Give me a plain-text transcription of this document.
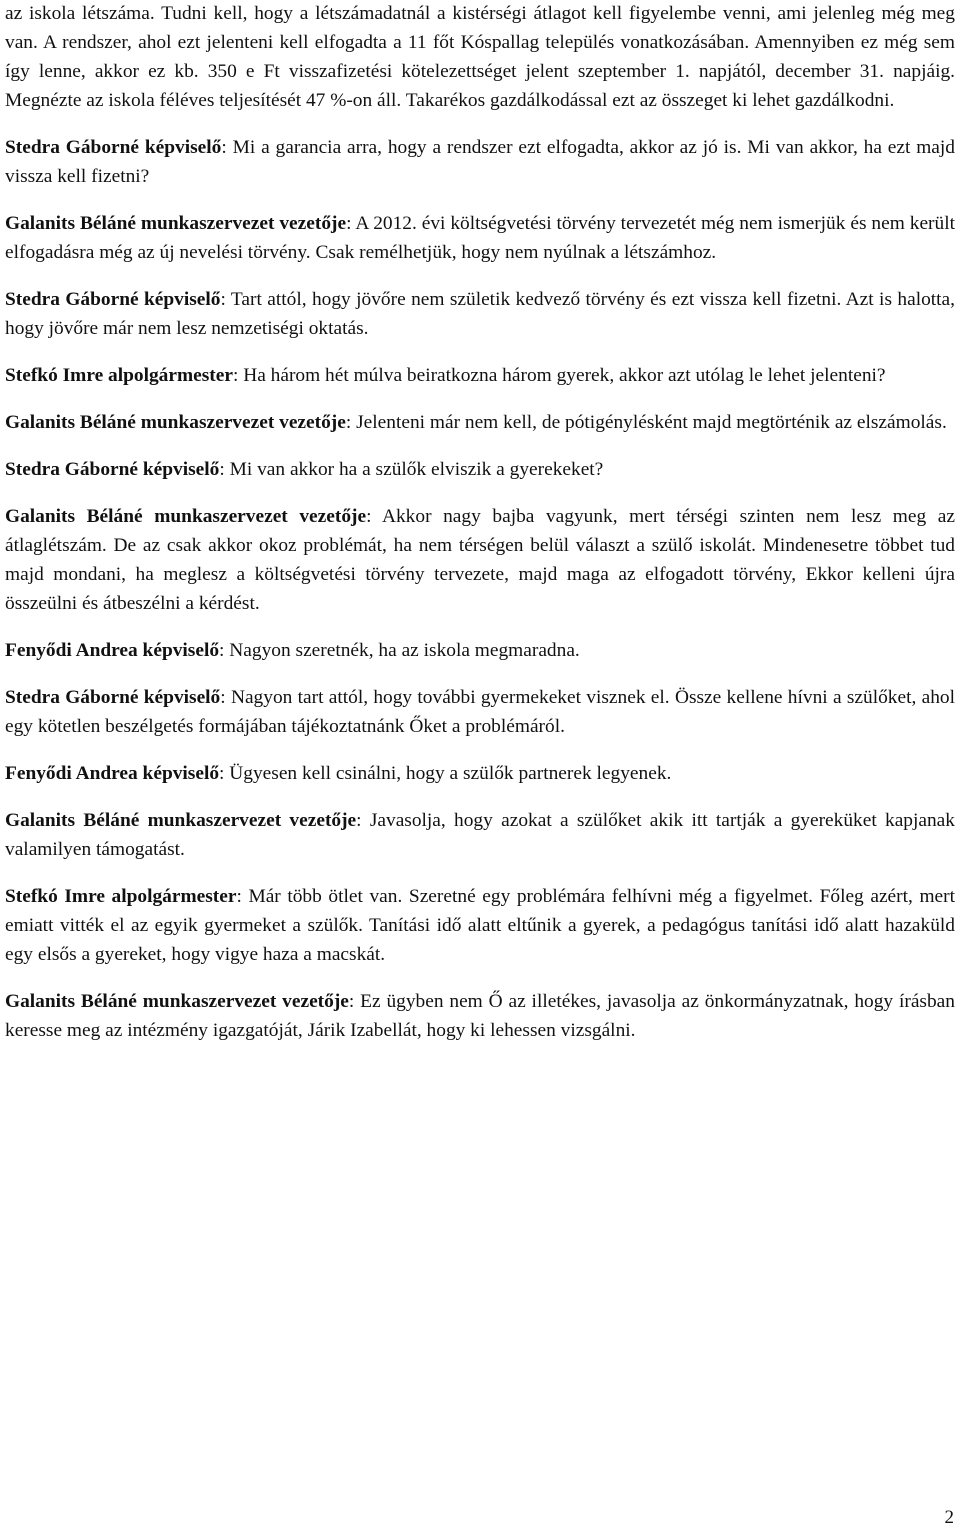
az iskola létszáma. Tudni kell, hogy a létszámadatnál a kistérségi átlagot kell figyelembe venni, ami jelenleg még meg van. A rendszer, ahol ezt jelenteni kell elfogadta a 11 főt Kóspallag település vonatkozásában. Amennyiben ez még sem így lenne, akkor ez kb. 350 e Ft visszafizetési kötelezettséget jelent szeptember 1. napjától, december 31. napjáig. Megnézte az iskola féléves teljesítését 47 %-on áll. Takarékos gazdálkodással ezt az összeget ki lehet gazdálkodni.

Stedra Gáborné képviselő: Mi a garancia arra, hogy a rendszer ezt elfogadta, akkor az jó is. Mi van akkor, ha ezt majd vissza kell fizetni?

Galanits Béláné munkaszervezet vezetője: A 2012. évi költségvetési törvény tervezetét még nem ismerjük és nem került elfogadásra még az új nevelési törvény. Csak remélhetjük, hogy nem nyúlnak a létszámhoz.

Stedra Gáborné képviselő: Tart attól, hogy jövőre nem születik kedvező törvény és ezt vissza kell fizetni. Azt is halotta, hogy jövőre már nem lesz nemzetiségi oktatás.

Stefkó Imre alpolgármester: Ha három hét múlva beiratkozna három gyerek, akkor azt utólag le lehet jelenteni?

Galanits Béláné munkaszervezet vezetője: Jelenteni már nem kell, de pótigénylésként majd megtörténik az elszámolás.

Stedra Gáborné képviselő: Mi van akkor ha a szülők elviszik a gyerekeket?

Galanits Béláné munkaszervezet vezetője: Akkor nagy bajba vagyunk, mert térségi szinten nem lesz meg az átlaglétszám. De az csak akkor okoz problémát, ha nem térségen belül választ a szülő iskolát. Mindenesetre többet tud majd mondani, ha meglesz a költségvetési törvény tervezete, majd maga az elfogadott törvény, Ekkor kelleni újra összeülni és átbeszélni a kérdést.

Fenyődi Andrea képviselő: Nagyon szeretnék, ha az iskola megmaradna.

Stedra Gáborné képviselő: Nagyon tart attól, hogy további gyermekeket visznek el. Össze kellene hívni a szülőket, ahol egy kötetlen beszélgetés formájában tájékoztatnánk Őket a problémáról.

Fenyődi Andrea képviselő: Ügyesen kell csinálni, hogy a szülők partnerek legyenek.

Galanits Béláné munkaszervezet vezetője: Javasolja, hogy azokat a szülőket akik itt tartják a gyereküket kapjanak valamilyen támogatást.

Stefkó Imre alpolgármester: Már több ötlet van. Szeretné egy problémára felhívni még a figyelmet. Főleg azért, mert emiatt vitték el az egyik gyermeket a szülők. Tanítási idő alatt eltűnik a gyerek, a pedagógus tanítási idő alatt hazaküld egy elsős a gyereket, hogy vigye haza a macskát.

Galanits Béláné munkaszervezet vezetője: Ez ügyben nem Ő az illetékes, javasolja az önkormányzatnak, hogy írásban keresse meg az intézmény igazgatóját, Járik Izabellát, hogy ki lehessen vizsgálni.

2
